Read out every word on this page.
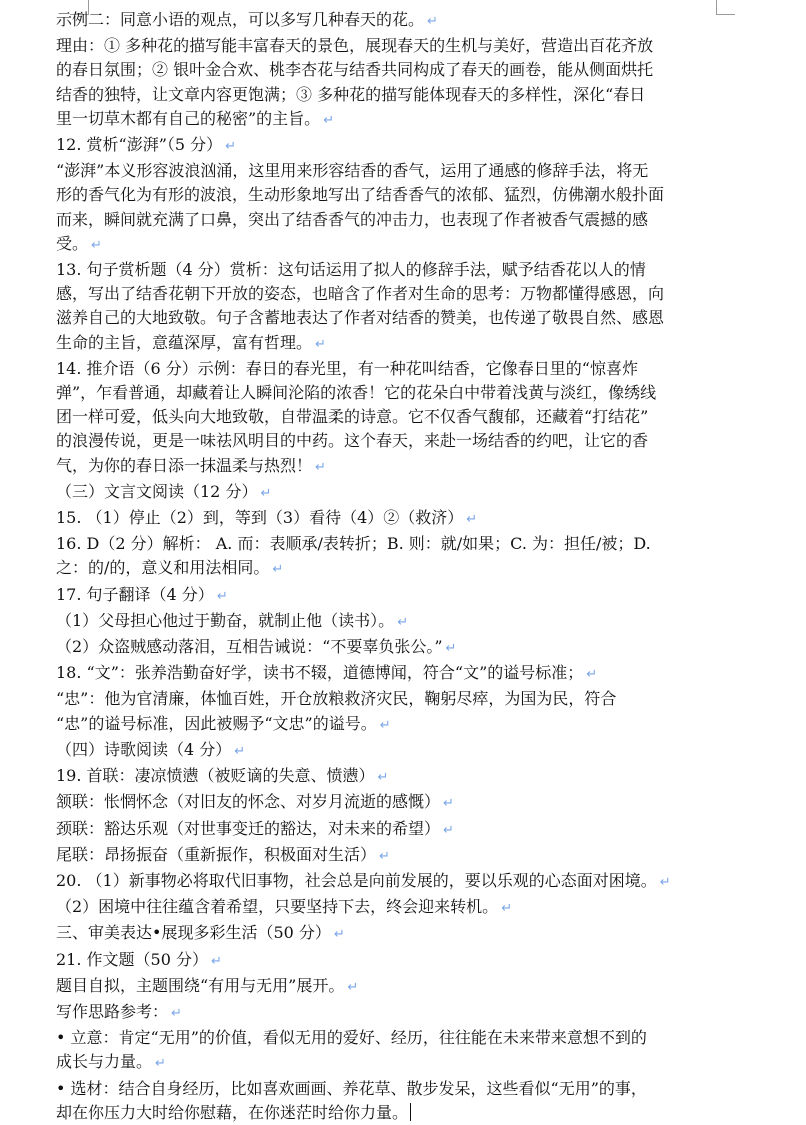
示例二：同意小语的观点，可以多写几种春天的花。 ↵
理由：① 多种花的描写能丰富春天的景色，展现春天的生机与美好，营造出百花齐放
的春日氛围；② 银叶金合欢、桃李杏花与结香共同构成了春天的画卷，能从侧面烘托
结香的独特，让文章内容更饱满；③ 多种花的描写能体现春天的多样性，深化“春日
里一切草木都有自己的秘密”的主旨。 ↵
12. 赏析“澎湃”（5 分） ↵
“澎湃”本义形容波浪汹涌，这里用来形容结香的香气，运用了通感的修辞手法，将无
形的香气化为有形的波浪，生动形象地写出了结香香气的浓郁、猛烈，仿佛潮水般扑面
而来，瞬间就充满了口鼻，突出了结香香气的冲击力，也表现了作者被香气震撼的感
受。 ↵
13. 句子赏析题（4 分）赏析：这句话运用了拟人的修辞手法，赋予结香花以人的情
感，写出了结香花朝下开放的姿态，也暗含了作者对生命的思考：万物都懂得感恩，向
滋养自己的大地致敬。句子含蓄地表达了作者对结香的赞美，也传递了敬畏自然、感恩
生命的主旨，意蕴深厚，富有哲理。 ↵
14. 推介语（6 分）示例：春日的春光里，有一种花叫结香，它像春日里的“惊喜炸
弹”，乍看普通，却藏着让人瞬间沦陷的浓香！它的花朵白中带着浅黄与淡红，像绣线
团一样可爱，低头向大地致敬，自带温柔的诗意。它不仅香气馥郁，还藏着“打结花”
的浪漫传说，更是一味祛风明目的中药。这个春天，来赴一场结香的约吧，让它的香
气，为你的春日添一抹温柔与热烈！ ↵
（三）文言文阅读（12 分） ↵
15. （1）停止（2）到，等到（3）看待（4）②（救济） ↵
16. D（2 分）解析： A. 而：表顺承/表转折；B. 则：就/如果；C. 为：担任/被；D.
之：的/的，意义和用法相同。 ↵
17. 句子翻译（4 分） ↵
（1）父母担心他过于勤奋，就制止他（读书）。 ↵
（2）众盗贼感动落泪，互相告诫说：“不要辜负张公。” ↵
18. “文”：张养浩勤奋好学，读书不辍，道德博闻，符合“文”的谥号标准； ↵
“忠”：他为官清廉，体恤百姓，开仓放粮救济灾民，鞠躬尽瘁，为国为民，符合
“忠”的谥号标准，因此被赐予“文忠”的谥号。 ↵
（四）诗歌阅读（4 分） ↵
19. 首联：凄凉愤懑（被贬谪的失意、愤懑） ↵
颔联：怅惘怀念（对旧友的怀念、对岁月流逝的感慨） ↵
颈联：豁达乐观（对世事变迁的豁达，对未来的希望） ↵
尾联：昂扬振奋（重新振作，积极面对生活） ↵
20. （1）新事物必将取代旧事物，社会总是向前发展的，要以乐观的心态面对困境。 ↵
（2）困境中往往蕴含着希望，只要坚持下去，终会迎来转机。 ↵
三、审美表达•展现多彩生活（50 分） ↵
21. 作文题（50 分） ↵
题目自拟，主题围绕“有用与无用”展开。 ↵
写作思路参考： ↵
• 立意：肯定“无用”的价值，看似无用的爱好、经历，往往能在未来带来意想不到的
成长与力量。 ↵
• 选材：结合自身经历，比如喜欢画画、养花草、散步发呆，这些看似“无用”的事，
却在你压力大时给你慰藉，在你迷茫时给你力量。
